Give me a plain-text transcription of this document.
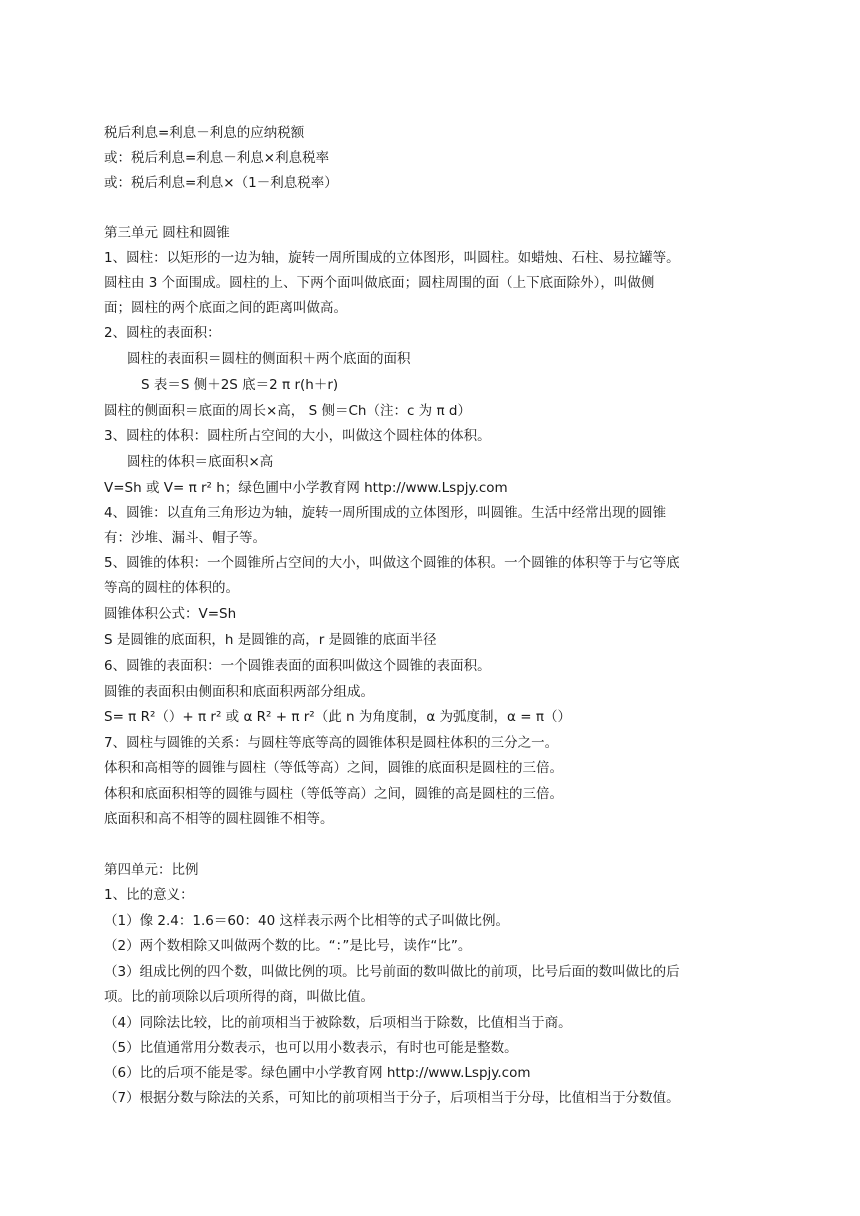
税后利息=利息－利息的应纳税额
或：税后利息=利息－利息×利息税率
或：税后利息=利息×（1－利息税率）
第三单元 圆柱和圆锥
1、圆柱：以矩形的一边为轴，旋转一周所围成的立体图形，叫圆柱。如蜡烛、石柱、易拉罐等。
圆柱由 3 个面围成。圆柱的上、下两个面叫做底面；圆柱周围的面（上下底面除外），叫做侧
面；圆柱的两个底面之间的距离叫做高。
2、圆柱的表面积：
圆柱的表面积＝圆柱的侧面积＋两个底面的面积
S 表＝S 侧＋2S 底＝2 π r(h＋r)
圆柱的侧面积＝底面的周长×高， S 侧＝Ch（注：c 为 π d）
3、圆柱的体积：圆柱所占空间的大小，叫做这个圆柱体的体积。
圆柱的体积＝底面积×高
V=Sh 或 V= π r² h；绿色圃中小学教育网 http://www.Lspjy.com
4、圆锥：以直角三角形边为轴，旋转一周所围成的立体图形，叫圆锥。生活中经常出现的圆锥
有：沙堆、漏斗、帽子等。
5、圆锥的体积：一个圆锥所占空间的大小，叫做这个圆锥的体积。一个圆锥的体积等于与它等底
等高的圆柱的体积的。
圆锥体积公式：V=Sh
S 是圆锥的底面积，h 是圆锥的高，r 是圆锥的底面半径
6、圆锥的表面积：一个圆锥表面的面积叫做这个圆锥的表面积。
圆锥的表面积由侧面积和底面积两部分组成。
S= π R²（）+ π r² 或 α R² + π r²（此 n 为角度制，α 为弧度制，α = π（）
7、圆柱与圆锥的关系：与圆柱等底等高的圆锥体积是圆柱体积的三分之一。
体积和高相等的圆锥与圆柱（等低等高）之间，圆锥的底面积是圆柱的三倍。
体积和底面积相等的圆锥与圆柱（等低等高）之间，圆锥的高是圆柱的三倍。
底面积和高不相等的圆柱圆锥不相等。
第四单元：比例
1、比的意义：
（1）像 2.4：1.6＝60：40 这样表示两个比相等的式子叫做比例。
（2）两个数相除又叫做两个数的比。“：”是比号，读作“比”。
（3）组成比例的四个数，叫做比例的项。比号前面的数叫做比的前项，比号后面的数叫做比的后
项。比的前项除以后项所得的商，叫做比值。
（4）同除法比较，比的前项相当于被除数，后项相当于除数，比值相当于商。
（5）比值通常用分数表示，也可以用小数表示，有时也可能是整数。
（6）比的后项不能是零。绿色圃中小学教育网 http://www.Lspjy.com
（7）根据分数与除法的关系，可知比的前项相当于分子，后项相当于分母，比值相当于分数值。
